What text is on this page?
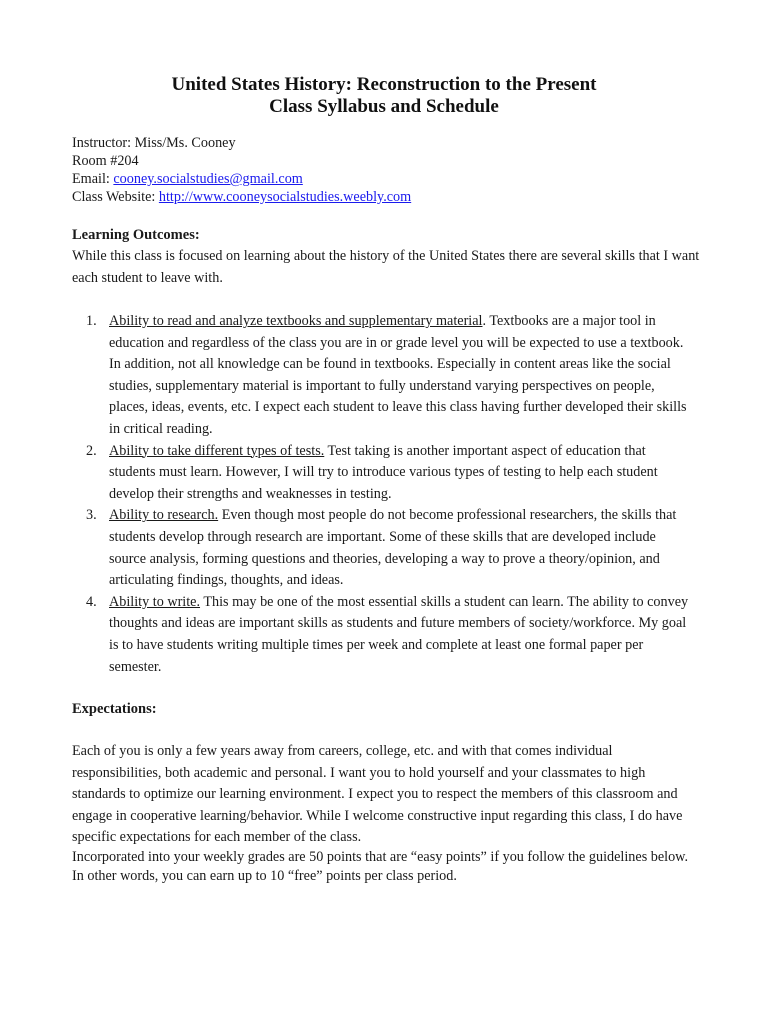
United States History: Reconstruction to the Present
Class Syllabus and Schedule
Instructor: Miss/Ms. Cooney
Room #204
Email: cooney.socialstudies@gmail.com
Class Website: http://www.cooneysocialstudies.weebly.com
Learning Outcomes:
While this class is focused on learning about the history of the United States there are several skills that I want each student to leave with.
1. Ability to read and analyze textbooks and supplementary material. Textbooks are a major tool in education and regardless of the class you are in or grade level you will be expected to use a textbook. In addition, not all knowledge can be found in textbooks. Especially in content areas like the social studies, supplementary material is important to fully understand varying perspectives on people, places, ideas, events, etc. I expect each student to leave this class having further developed their skills in critical reading.
2. Ability to take different types of tests. Test taking is another important aspect of education that students must learn. However, I will try to introduce various types of testing to help each student develop their strengths and weaknesses in testing.
3. Ability to research. Even though most people do not become professional researchers, the skills that students develop through research are important. Some of these skills that are developed include source analysis, forming questions and theories, developing a way to prove a theory/opinion, and articulating findings, thoughts, and ideas.
4. Ability to write. This may be one of the most essential skills a student can learn. The ability to convey thoughts and ideas are important skills as students and future members of society/workforce. My goal is to have students writing multiple times per week and complete at least one formal paper per semester.
Expectations:
Each of you is only a few years away from careers, college, etc. and with that comes individual responsibilities, both academic and personal. I want you to hold yourself and your classmates to high standards to optimize our learning environment. I expect you to respect the members of this classroom and engage in cooperative learning/behavior. While I welcome constructive input regarding this class, I do have specific expectations for each member of the class.
Incorporated into your weekly grades are 50 points that are “easy points” if you follow the guidelines below. In other words, you can earn up to 10 “free” points per class period.
